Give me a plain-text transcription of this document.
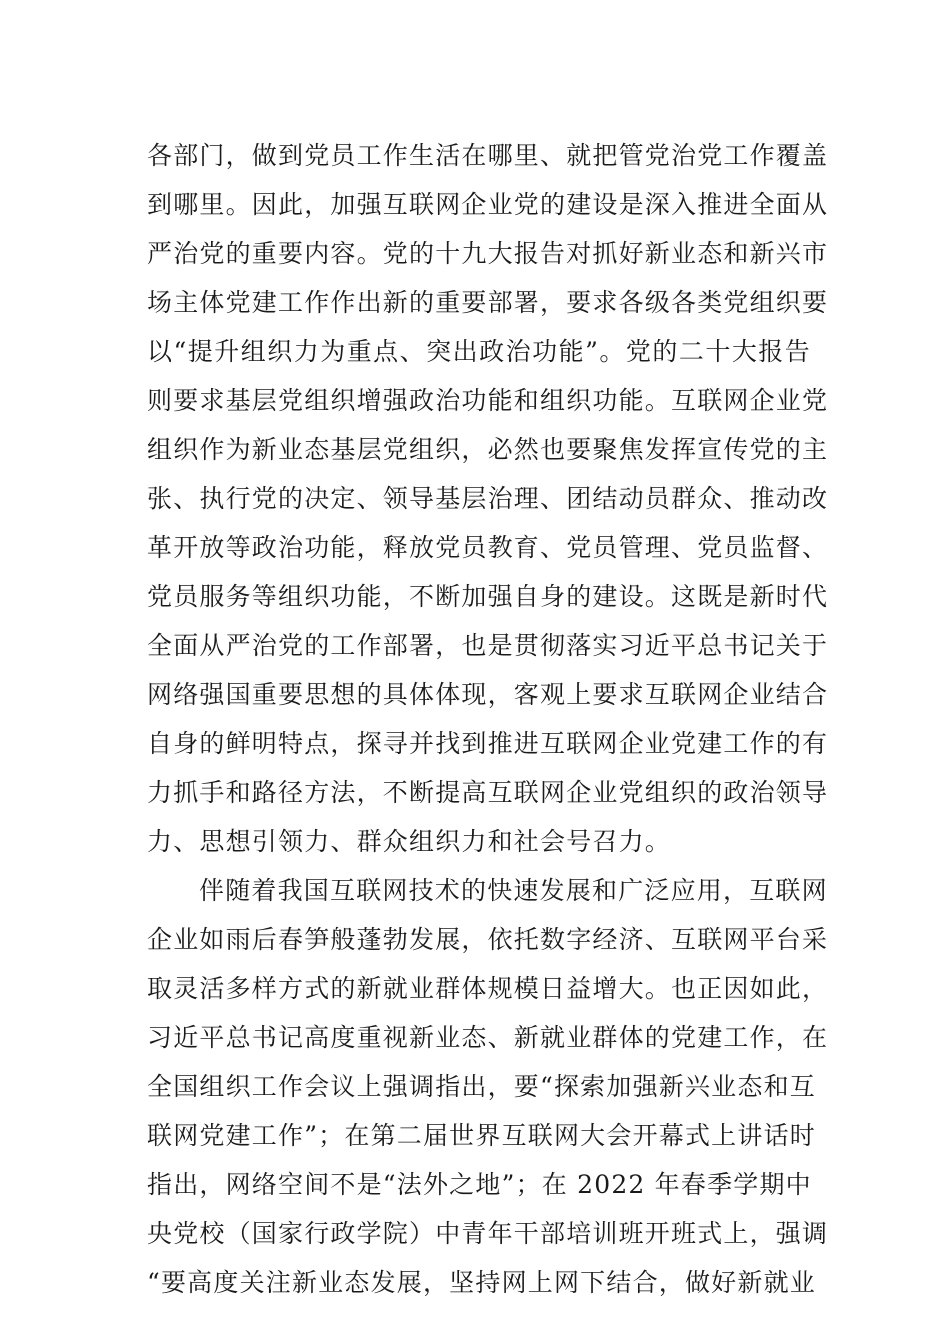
各部门，做到党员工作生活在哪里、就把管党治党工作覆盖
到哪里。因此，加强互联网企业党的建设是深入推进全面从
严治党的重要内容。党的十九大报告对抓好新业态和新兴市
场主体党建工作作出新的重要部署，要求各级各类党组织要
以“提升组织力为重点、突出政治功能”。党的二十大报告
则要求基层党组织增强政治功能和组织功能。互联网企业党
组织作为新业态基层党组织，必然也要聚焦发挥宣传党的主
张、执行党的决定、领导基层治理、团结动员群众、推动改
革开放等政治功能，释放党员教育、党员管理、党员监督、
党员服务等组织功能，不断加强自身的建设。这既是新时代
全面从严治党的工作部署，也是贯彻落实习近平总书记关于
网络强国重要思想的具体体现，客观上要求互联网企业结合
自身的鲜明特点，探寻并找到推进互联网企业党建工作的有
力抓手和路径方法，不断提高互联网企业党组织的政治领导
力、思想引领力、群众组织力和社会号召力。
伴随着我国互联网技术的快速发展和广泛应用，互联网
企业如雨后春笋般蓬勃发展，依托数字经济、互联网平台采
取灵活多样方式的新就业群体规模日益增大。也正因如此，
习近平总书记高度重视新业态、新就业群体的党建工作，在
全国组织工作会议上强调指出，要“探索加强新兴业态和互
联网党建工作”；在第二届世界互联网大会开幕式上讲话时
指出，网络空间不是“法外之地”；在 2022 年春季学期中
央党校（国家行政学院）中青年干部培训班开班式上，强调
“要高度关注新业态发展，坚持网上网下结合，做好新就业
